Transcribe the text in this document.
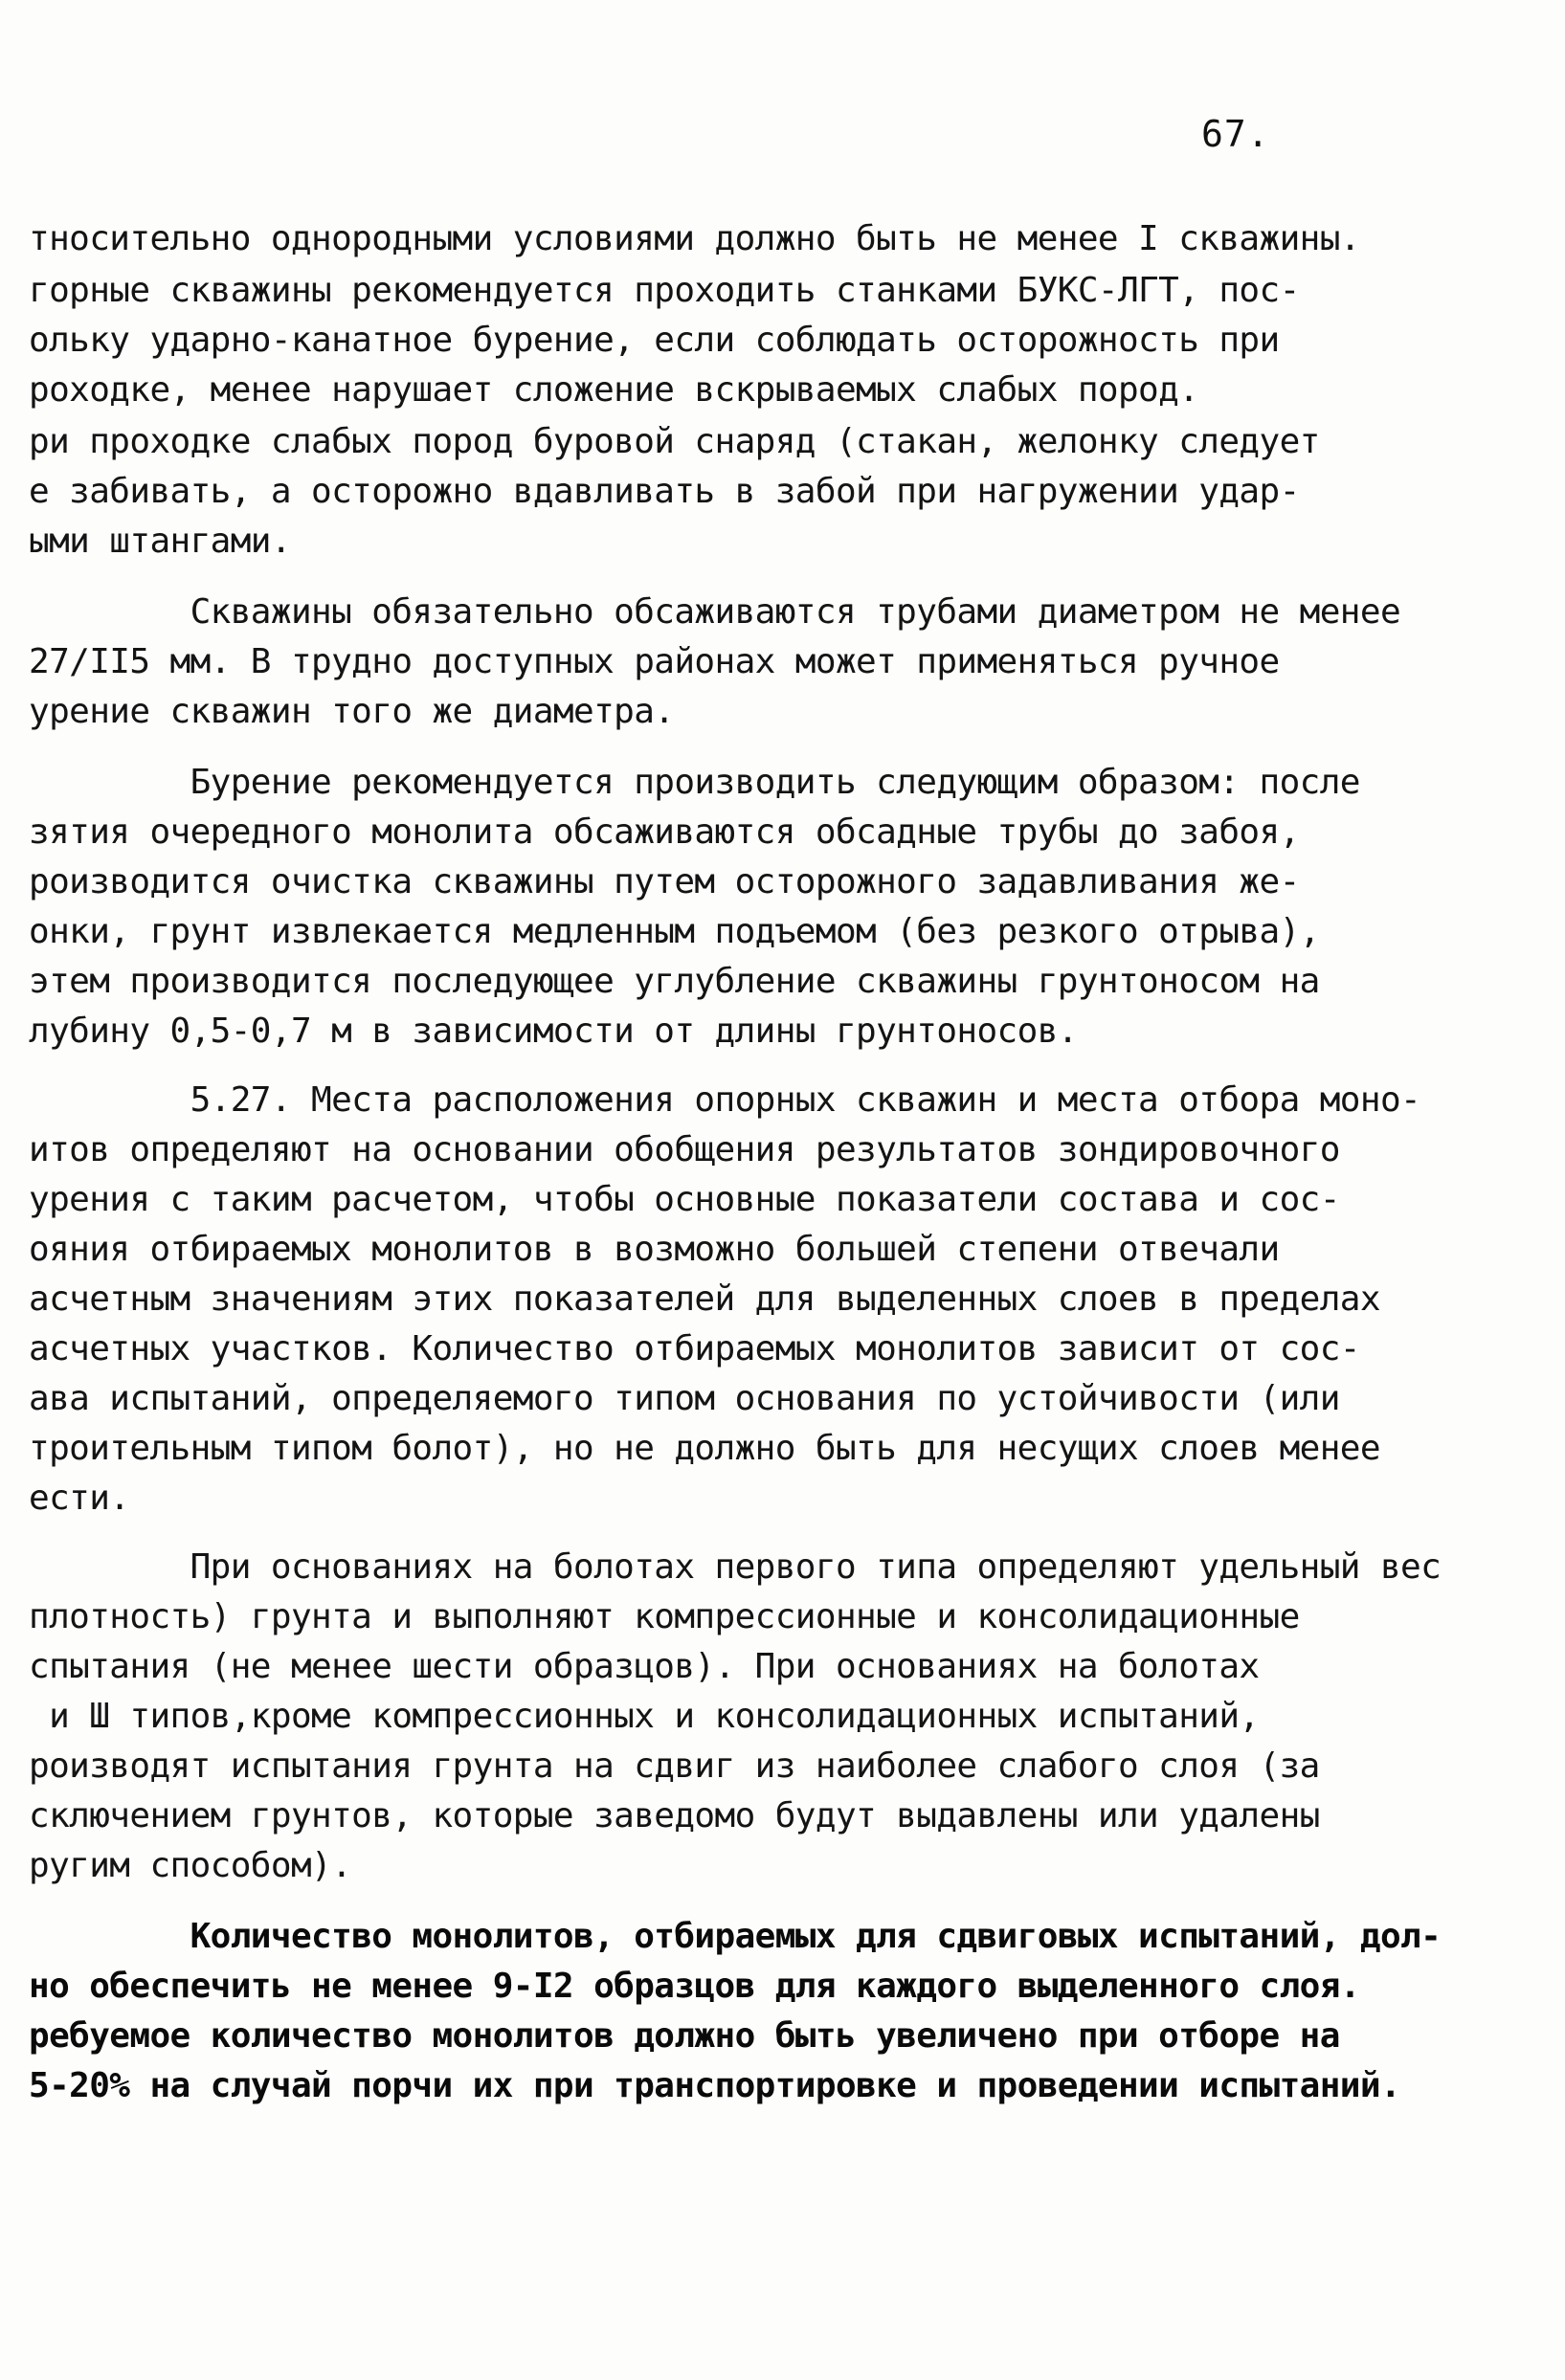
67.
тносительно однородными условиями должно быть не менее I скважины.
горные скважины рекомендуется проходить станками БУКС-ЛГТ, пос-
ольку ударно-канатное бурение, если соблюдать осторожность при
роходке, менее нарушает сложение вскрываемых слабых пород.
ри проходке слабых пород буровой снаряд (стакан, желонку следует
е забивать, а осторожно вдавливать в забой при нагружении удар-
ыми штангами.
Скважины обязательно обсаживаются трубами диаметром не менее
27/II5 мм. В трудно доступных районах может применяться ручное
урение скважин того же диаметра.
Бурение рекомендуется производить следующим образом: после
зятия очередного монолита обсаживаются обсадные трубы до забоя,
роизводится очистка скважины путем осторожного задавливания же-
онки, грунт извлекается медленным подъемом (без резкого отрыва),
этем производится последующее углубление скважины грунтоносом на
лубину 0,5-0,7 м в зависимости от длины грунтоносов.
5.27. Места расположения опорных скважин и места отбора моно-
итов определяют на основании обобщения результатов зондировочного
урения с таким расчетом, чтобы основные показатели состава и сос-
ояния отбираемых монолитов в возможно большей степени отвечали
асчетным значениям этих показателей для выделенных слоев в пределах
асчетных участков. Количество отбираемых монолитов зависит от сос-
ава испытаний, определяемого типом основания по устойчивости (или
троительным типом болот), но не должно быть для несущих слоев менее
ести.
При основаниях на болотах первого типа определяют удельный вес
плотность) грунта и выполняют компрессионные и консолидационные
спытания (не менее шести образцов). При основаниях на болотах
и Ш типов,кроме компрессионных и консолидационных испытаний,
роизводят испытания грунта на сдвиг из наиболее слабого слоя (за
сключением грунтов, которые заведомо будут выдавлены или удалены
ругим способом).
Количество монолитов, отбираемых для сдвиговых испытаний, дол-
но обеспечить не менее 9-I2 образцов для каждого выделенного слоя.
ребуемое количество монолитов должно быть увеличено при отборе на
5-20% на случай порчи их при транспортировке и проведении испытаний.
